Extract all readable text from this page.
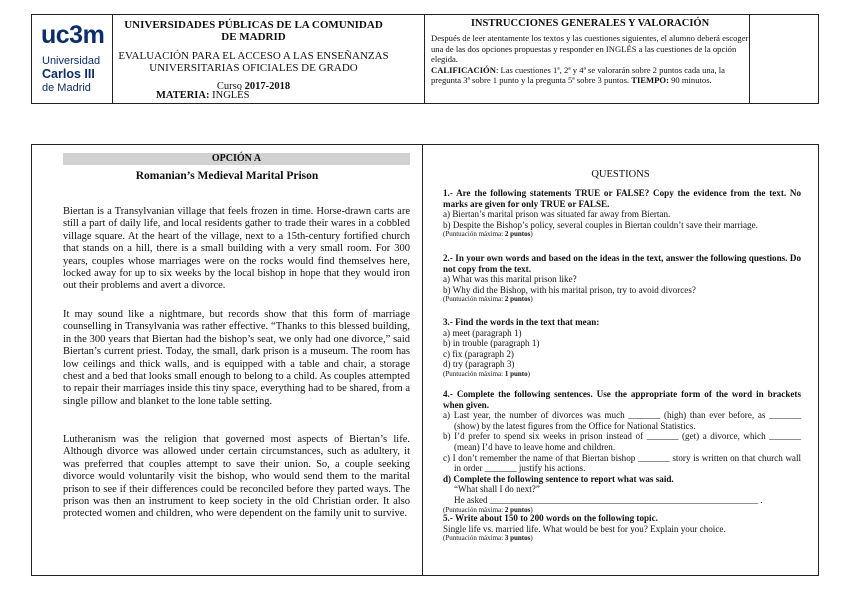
uc3m
Universidad
Carlos III
de Madrid
UNIVERSIDADES PÚBLICAS DE LA COMUNIDAD DE MADRID
EVALUACIÓN PARA EL ACCESO A LAS ENSEÑANZAS
UNIVERSITARIAS OFICIALES DE GRADO
Curso 2017-2018
MATERIA: INGLÉS
INSTRUCCIONES GENERALES Y VALORACIÓN
Después de leer atentamente los textos y las cuestiones siguientes, el alumno deberá escoger una de las dos opciones propuestas y responder en INGLÉS a las cuestiones de la opción elegida.
CALIFICACIÓN: Las cuestiones 1ª, 2ª y 4ª se valorarán sobre 2 puntos cada una, la pregunta 3ª sobre 1 punto y la pregunta 5ª sobre 3 puntos. TIEMPO: 90 minutos.
OPCIÓN A
Romanian’s Medieval Marital Prison
Biertan is a Transylvanian village that feels frozen in time. Horse-drawn carts are still a part of daily life, and local residents gather to trade their wares in a cobbled village square. At the heart of the village, next to a 15th-century fortified church that stands on a hill, there is a small building with a very small room. For 300 years, couples whose marriages were on the rocks would find themselves here, locked away for up to six weeks by the local bishop in hope that they would iron out their problems and avert a divorce.
It may sound like a nightmare, but records show that this form of marriage counselling in Transylvania was rather effective. “Thanks to this blessed building, in the 300 years that Biertan had the bishop’s seat, we only had one divorce,” said Biertan’s current priest. Today, the small, dark prison is a museum. The room has low ceilings and thick walls, and is equipped with a table and chair, a storage chest and a bed that looks small enough to belong to a child. As couples attempted to repair their marriages inside this tiny space, everything had to be shared, from a single pillow and blanket to the lone table setting.
Lutheranism was the religion that governed most aspects of Biertan’s life. Although divorce was allowed under certain circumstances, such as adultery, it was preferred that couples attempt to save their union. So, a couple seeking divorce would voluntarily visit the bishop, who would send them to the marital prison to see if their differences could be reconciled before they parted ways. The prison was then an instrument to keep society in the old Christian order. It also protected women and children, who were dependent on the family unit to survive.
QUESTIONS
1.- Are the following statements TRUE or FALSE? Copy the evidence from the text. No marks are given for only TRUE or FALSE.
a) Biertan’s marital prison was situated far away from Biertan.
b) Despite the Bishop’s policy, several couples in Biertan couldn’t save their marriage.
(Puntuación máxima: 2 puntos)
2.- In your own words and based on the ideas in the text, answer the following questions. Do not copy from the text.
a) What was this marital prison like?
b) Why did the Bishop, with his marital prison, try to avoid divorces?
(Puntuación máxima: 2 puntos)
3.- Find the words in the text that mean:
a) meet (paragraph 1)
b) in trouble (paragraph 1)
c) fix (paragraph 2)
d) try (paragraph 3)
(Puntuación máxima: 1 punto)
4.- Complete the following sentences. Use the appropriate form of the word in brackets when given.
a) Last year, the number of divorces was much _______ (high) than ever before, as _______ (show) by the latest figures from the Office for National Statistics.
b) I’d prefer to spend six weeks in prison instead of _______ (get) a divorce, which _______ (mean) I’d have to leave home and children.
c) I don’t remember the name of that Biertan bishop _______ story is written on that church wall in order _______ justify his actions.
d) Complete the following sentence to report what was said.
“What shall I do next?”
He asked ___________________________________________________________ .
(Puntuación máxima: 2 puntos)
5.- Write about 150 to 200 words on the following topic.
Single life vs. married life. What would be best for you? Explain your choice.
(Puntuación máxima: 3 puntos)
